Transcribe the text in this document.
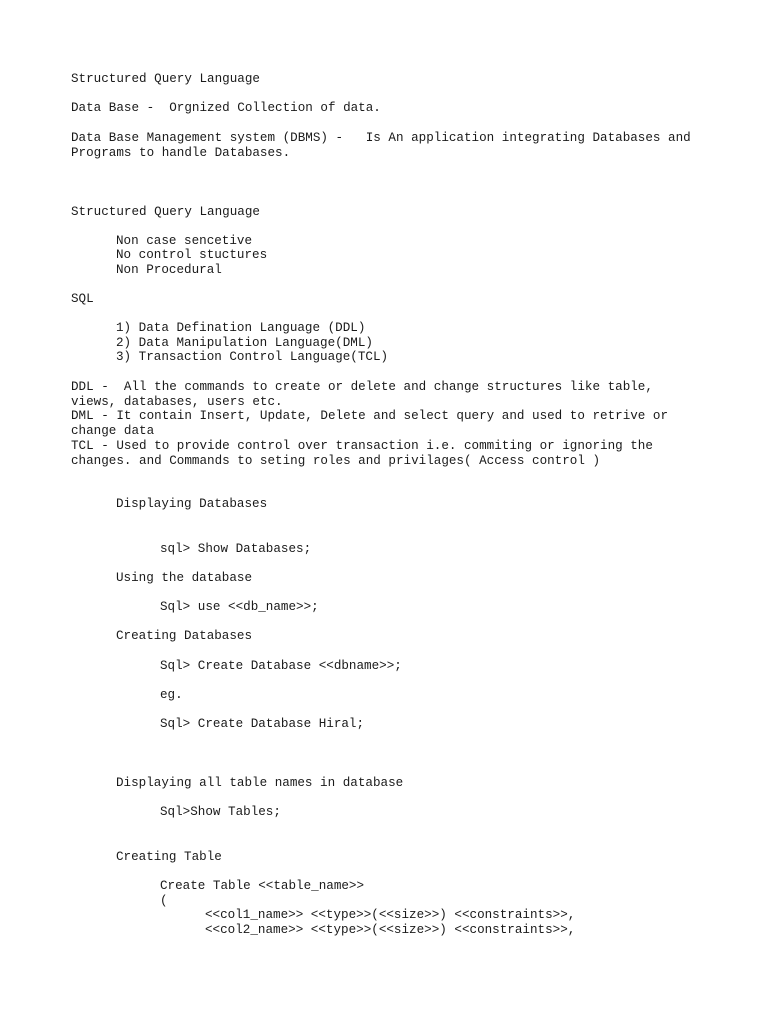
Structured Query Language
Data Base -  Orgnized Collection of data.
Data Base Management system (DBMS) -   Is An application integrating Databases and
Programs to handle Databases.
Structured Query Language
Non case sencetive
No control stuctures
Non Procedural
SQL
1) Data Defination Language (DDL)
2) Data Manipulation Language(DML)
3) Transaction Control Language(TCL)
DDL -  All the commands to create or delete and change structures like table,
views, databases, users etc.
DML - It contain Insert, Update, Delete and select query and used to retrive or
change data
TCL - Used to provide control over transaction i.e. commiting or ignoring the
changes. and Commands to seting roles and privilages( Access control )
Displaying Databases
sql> Show Databases;
Using the database
Sql> use <<db_name>>;
Creating Databases
Sql> Create Database <<dbname>>;
eg.
Sql> Create Database Hiral;
Displaying all table names in database
Sql>Show Tables;
Creating Table
Create Table <<table_name>>
(
<<col1_name>> <<type>>(<<size>>) <<constraints>>,
<<col2_name>> <<type>>(<<size>>) <<constraints>>,
